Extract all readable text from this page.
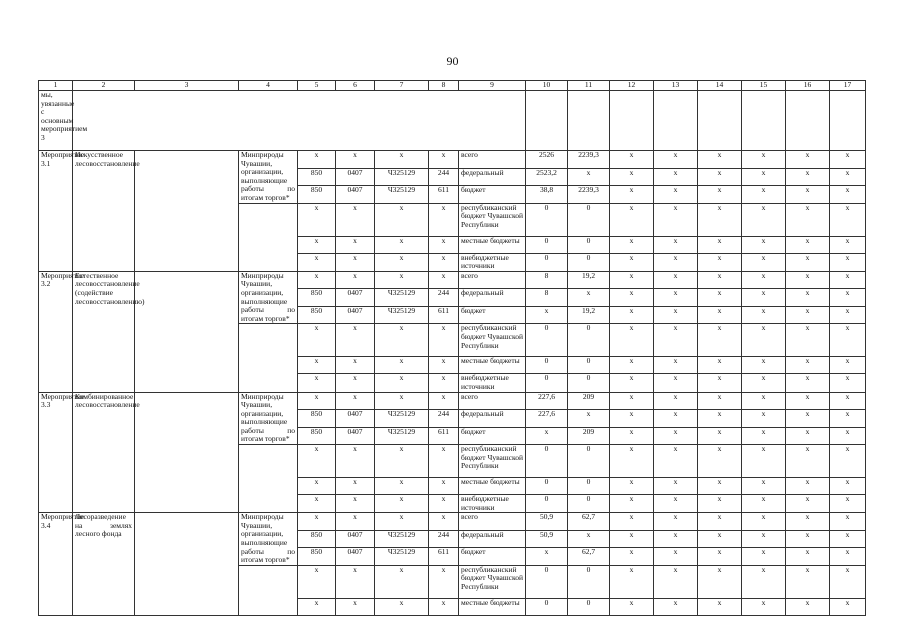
90
1	2	3	4	5	6	7	8	9	10	11	12	13	14	15	16	17
мы, увязанные с основным мероприятием 3																
Мероприятие 3.1	Искусственное лесовосстановление		Минприроды Чувашии, организации, выполняющие работы по итогам торгов*	x	x	x	x	всего	2526	2239,3	x	x	x	x	x	x
				850	0407	Ч325129	244	федеральный	2523,2	x	x	x	x	x	x	x
				850	0407	Ч325129	611	бюджет	38,8	2239,3	x	x	x	x	x	x
				x	x	x	x	республиканский бюджет Чувашской Республики	0	0	x	x	x	x	x	x
				x	x	x	x	местные бюджеты	0	0	x	x	x	x	x	x
				x	x	x	x	внебюджетные источники	0	0	x	x	x	x	x	x
Мероприятие 3.2	Естественное лесовосстановление (содействие лесовосстановлению)		Минприроды Чувашии, организации, выполняющие работы по итогам торгов*	x	x	x	x	всего	8	19,2	x	x	x	x	x	x
				850	0407	Ч325129	244	федеральный	8	x	x	x	x	x	x	x
				850	0407	Ч325129	611	бюджет	x	19,2	x	x	x	x	x	x
				x	x	x	x	республиканский бюджет Чувашской Республики	0	0	x	x	x	x	x	x
				x	x	x	x	местные бюджеты	0	0	x	x	x	x	x	x
				x	x	x	x	внебюджетные источники	0	0	x	x	x	x	x	x
Мероприятие 3.3	Комбинированное лесовосстановление		Минприроды Чувашии, организации, выполняющие работы по итогам торгов*	x	x	x	x	всего	227,6	209	x	x	x	x	x	x
				850	0407	Ч325129	244	федеральный	227,6	x	x	x	x	x	x	x
				850	0407	Ч325129	611	бюджет	x	209	x	x	x	x	x	x
				x	x	x	x	республиканский бюджет Чувашской Республики	0	0	x	x	x	x	x	x
				x	x	x	x	местные бюджеты	0	0	x	x	x	x	x	x
				x	x	x	x	внебюджетные источники	0	0	x	x	x	x	x	x
Мероприятие 3.4	Лесоразведение на землях лесного фонда		Минприроды Чувашии, организации, выполняющие работы по итогам торгов*	x	x	x	x	всего	50,9	62,7	x	x	x	x	x	x
				850	0407	Ч325129	244	федеральный	50,9	x	x	x	x	x	x	x
				850	0407	Ч325129	611	бюджет	x	62,7	x	x	x	x	x	x
				x	x	x	x	республиканский бюджет Чувашской Республики	0	0	x	x	x	x	x	x
				x	x	x	x	местные бюджеты	0	0	x	x	x	x	x	x
